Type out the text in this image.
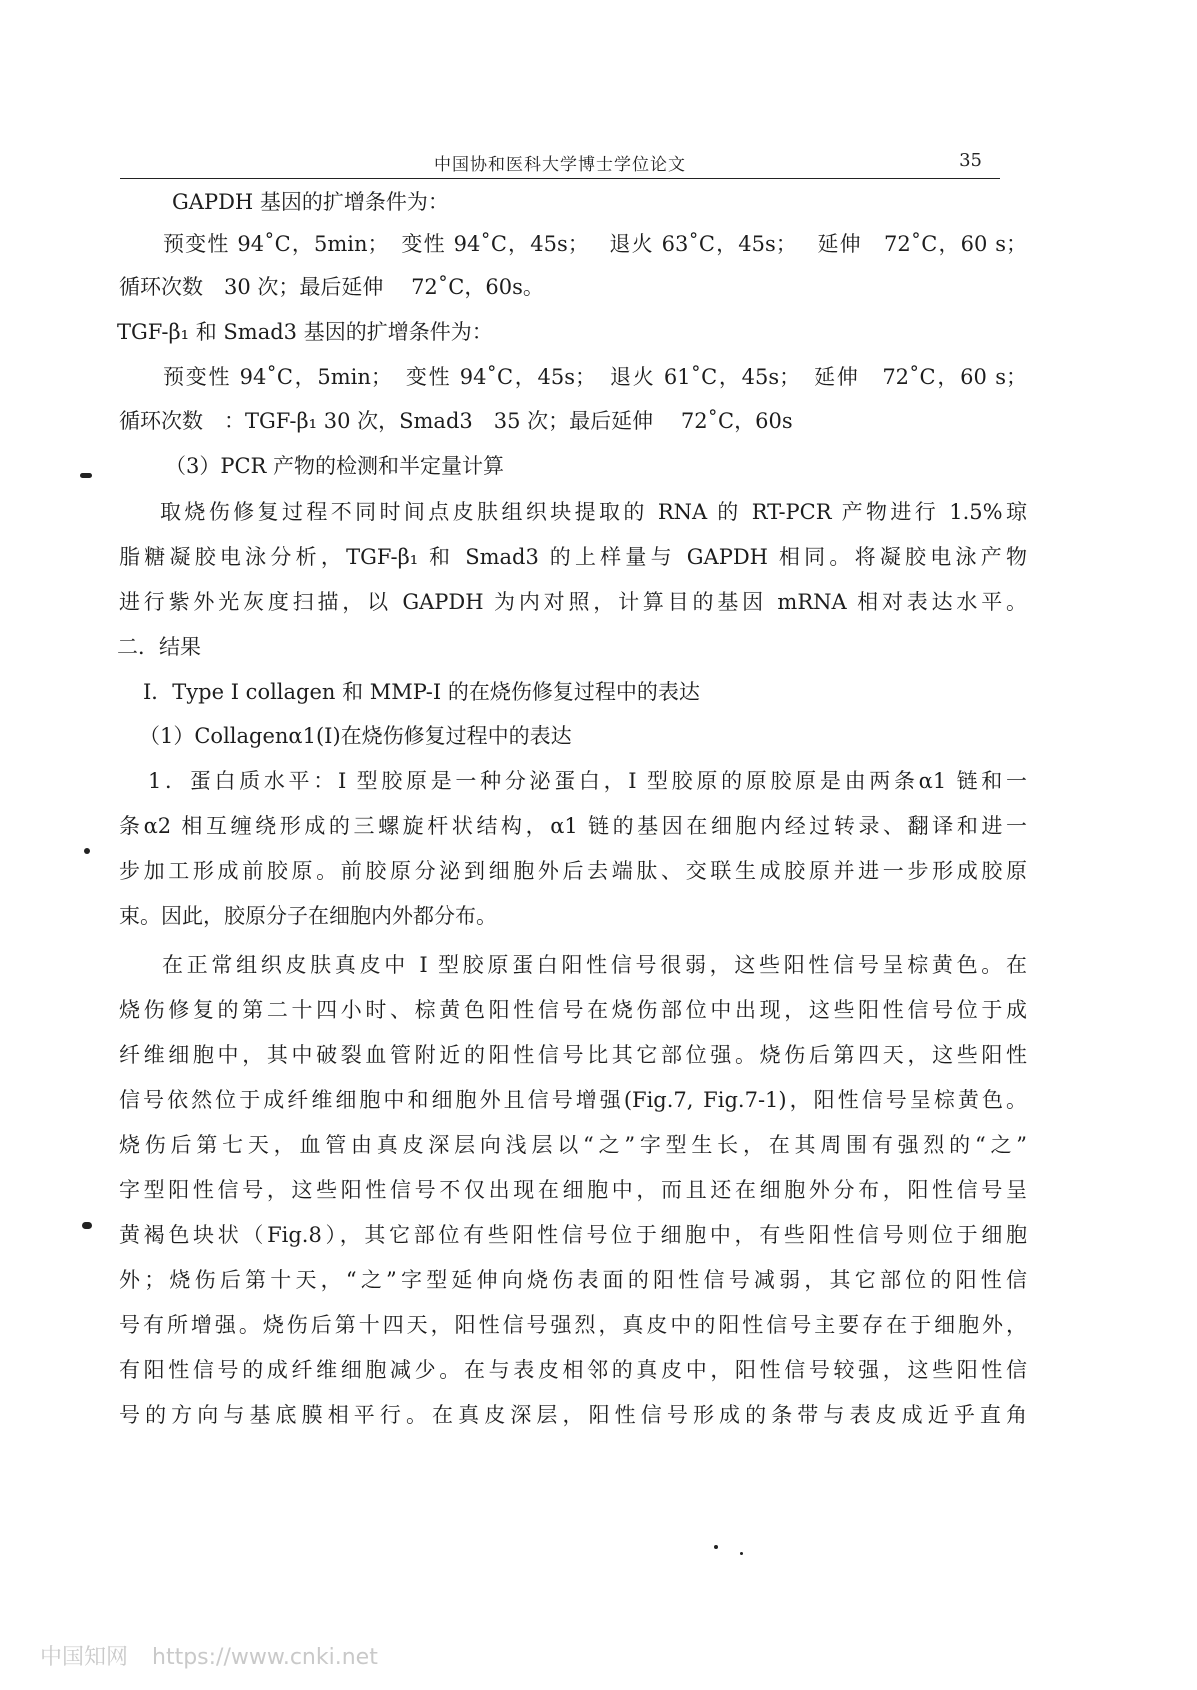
中国协和医科大学博士学位论文	35
GAPDH 基因的扩增条件为：
预变性 94˚C，5min；　变性 94˚C，45s；　 退火 63˚C，45s；　 延伸　72˚C，60 s；
循环次数　30 次；最后延伸　 72˚C，60s。
TGF-β₁ 和 Smad3 基因的扩增条件为：
预变性 94˚C，5min；　变性 94˚C，45s；　退火 61˚C，45s；　延伸　72˚C，60 s；
循环次数　：TGF-β₁ 30 次，Smad3　35 次；最后延伸　 72˚C，60s
（3）PCR 产物的检测和半定量计算
取烧伤修复过程不同时间点皮肤组织块提取的 RNA 的 RT-PCR 产物进行 1.5%琼
脂糖凝胶电泳分析，TGF-β₁ 和 Smad3 的上样量与 GAPDH 相同。将凝胶电泳产物
进行紫外光灰度扫描，以 GAPDH 为内对照，计算目的基因 mRNA 相对表达水平。
二．结果
I．Type I collagen 和 MMP-I 的在烧伤修复过程中的表达
（1）Collagenα1(I)在烧伤修复过程中的表达
1．蛋白质水平：I 型胶原是一种分泌蛋白，I 型胶原的原胶原是由两条α1 链和一
条α2 相互缠绕形成的三螺旋杆状结构，α1 链的基因在细胞内经过转录、翻译和进一
步加工形成前胶原。前胶原分泌到细胞外后去端肽、交联生成胶原并进一步形成胶原
束。因此，胶原分子在细胞内外都分布。
在正常组织皮肤真皮中 I 型胶原蛋白阳性信号很弱，这些阳性信号呈棕黄色。在
烧伤修复的第二十四小时、棕黄色阳性信号在烧伤部位中出现，这些阳性信号位于成
纤维细胞中，其中破裂血管附近的阳性信号比其它部位强。烧伤后第四天，这些阳性
信号依然位于成纤维细胞中和细胞外且信号增强(Fig.7, Fig.7-1)，阳性信号呈棕黄色。
烧伤后第七天，血管由真皮深层向浅层以“之”字型生长，在其周围有强烈的“之”
字型阳性信号，这些阳性信号不仅出现在细胞中，而且还在细胞外分布，阳性信号呈
黄褐色块状（Fig.8），其它部位有些阳性信号位于细胞中，有些阳性信号则位于细胞
外；烧伤后第十天，“之”字型延伸向烧伤表面的阳性信号减弱，其它部位的阳性信
号有所增强。烧伤后第十四天，阳性信号强烈，真皮中的阳性信号主要存在于细胞外，
有阳性信号的成纤维细胞减少。在与表皮相邻的真皮中，阳性信号较强，这些阳性信
号的方向与基底膜相平行。在真皮深层，阳性信号形成的条带与表皮成近乎直角
中国知网 https://www.cnki.net
